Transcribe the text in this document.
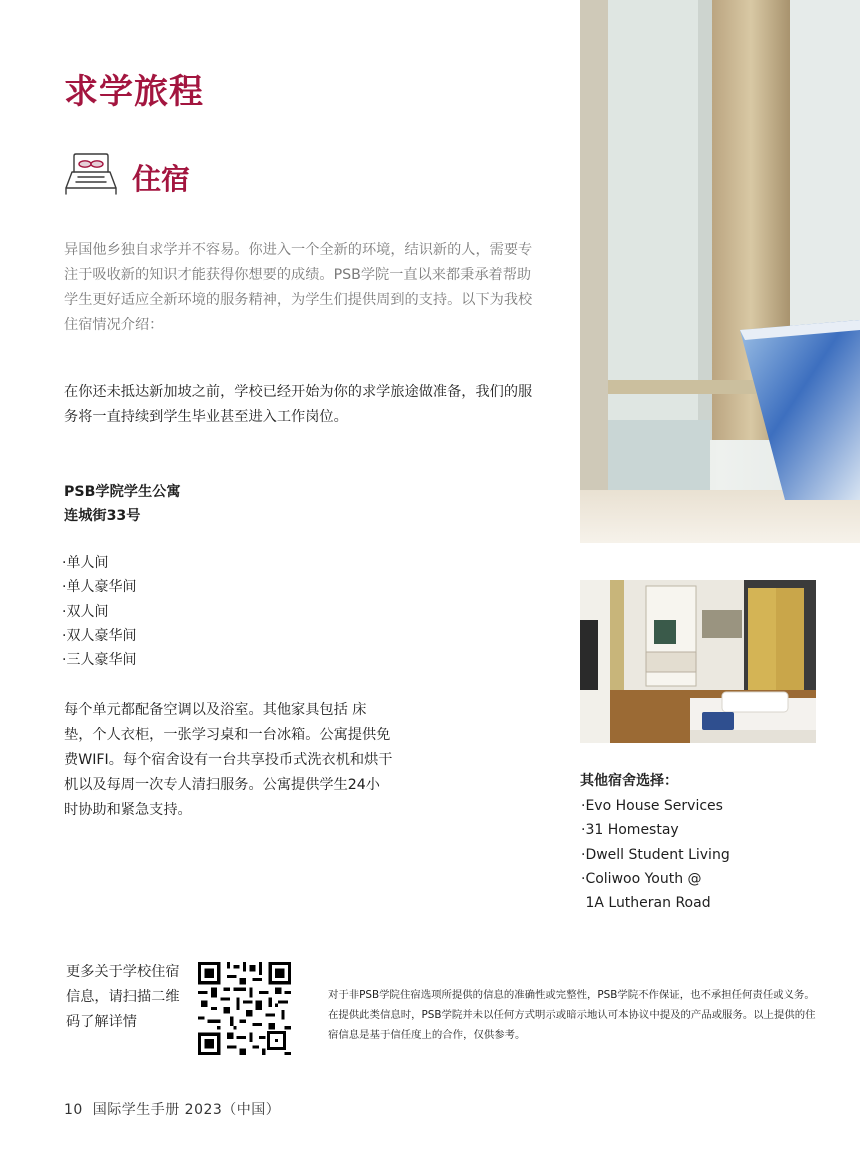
求学旅程
住宿
异国他乡独自求学并不容易。你进入一个全新的环境，结识新的人，需要专注于吸收新的知识才能获得你想要的成绩。PSB学院一直以来都秉承着帮助学生更好适应全新环境的服务精神，为学生们提供周到的支持。以下为我校住宿情况介绍：
在你还未抵达新加坡之前，学校已经开始为你的求学旅途做准备，我们的服务将一直持续到学生毕业甚至进入工作岗位。
PSB学院学生公寓
连城街33号
·单人间
·单人豪华间
·双人间
·双人豪华间
·三人豪华间
每个单元都配备空调以及浴室。其他家具包括 床垫，个人衣柜，一张学习桌和一台冰箱。公寓提供免费WIFI。每个宿舍设有一台共享投币式洗衣机和烘干机以及每周一次专人清扫服务。公寓提供学生24小时协助和紧急支持。
其他宿舍选择：
·Evo House Services
·31 Homestay
·Dwell Student Living
·Coliwoo Youth @
1A Lutheran Road
更多关于学校住宿信息，请扫描二维码了解详情
对于非PSB学院住宿选项所提供的信息的准确性或完整性，PSB学院不作保证，也不承担任何责任或义务。在提供此类信息时，PSB学院并未以任何方式明示或暗示地认可本协议中提及的产品或服务。以上提供的住宿信息是基于信任度上的合作，仅供参考。
10  国际学生手册 2023（中国）
